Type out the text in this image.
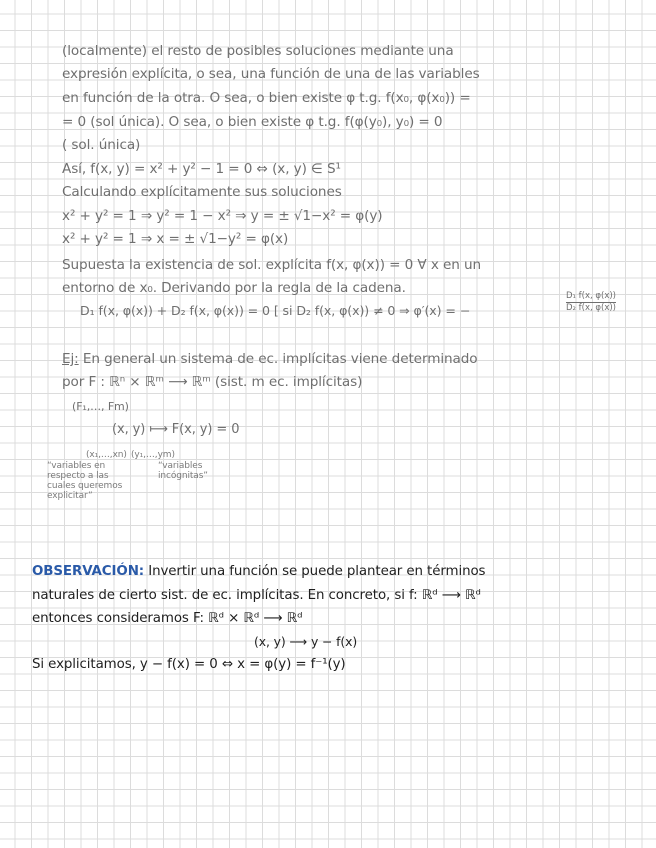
(localmente) el resto de posibles soluciones mediante una
expresión explícita, o sea, una función de una de las variables
en función de la otra. O sea, o bien existe φ t.g. f(x₀, φ(x₀)) =
= 0 (sol única). O sea, o bien existe φ t.g. f(φ(y₀), y₀) = 0
( sol. única)
Así, f(x, y) = x² + y² − 1 = 0 ⇔ (x, y) ∈ S¹
Calculando explícitamente sus soluciones
x² + y² = 1 ⇒ y² = 1 − x² ⇒ y = ± √1−x² = φ(y)
x² + y² = 1 ⇒ x = ± √1−y² = φ(x)
Supuesta la existencia de sol. explícita f(x, φ(x)) = 0 ∀ x en un
entorno de x₀. Derivando por la regla de la cadena.
D₁ f(x, φ(x)) + D₂ f(x, φ(x)) = 0 [ si D₂ f(x, φ(x)) ≠ 0 ⇒ φ′(x) = −
D₁ f(x, φ(x))
D₂ f(x, φ(x))
Ej: En general un sistema de ec. implícitas viene determinado
por F : ℝⁿ × ℝᵐ ⟶ ℝᵐ (sist. m ec. implícitas)
(F₁,…, Fm)
(x, y) ⟼ F(x, y) = 0
(x₁,…,xn) (y₁,…,ym)
“variables en
respecto a las
cuales queremos
explicitar”
“variables
incógnitas”
OBSERVACIÓN: Invertir una función se puede plantear en términos
naturales de cierto sist. de ec. implícitas. En concreto, si f: ℝᵈ ⟶ ℝᵈ
entonces consideramos F: ℝᵈ × ℝᵈ ⟶ ℝᵈ
(x, y) ⟶ y − f(x)
Si explicitamos, y − f(x) = 0 ⇔ x = φ(y) = f⁻¹(y)
